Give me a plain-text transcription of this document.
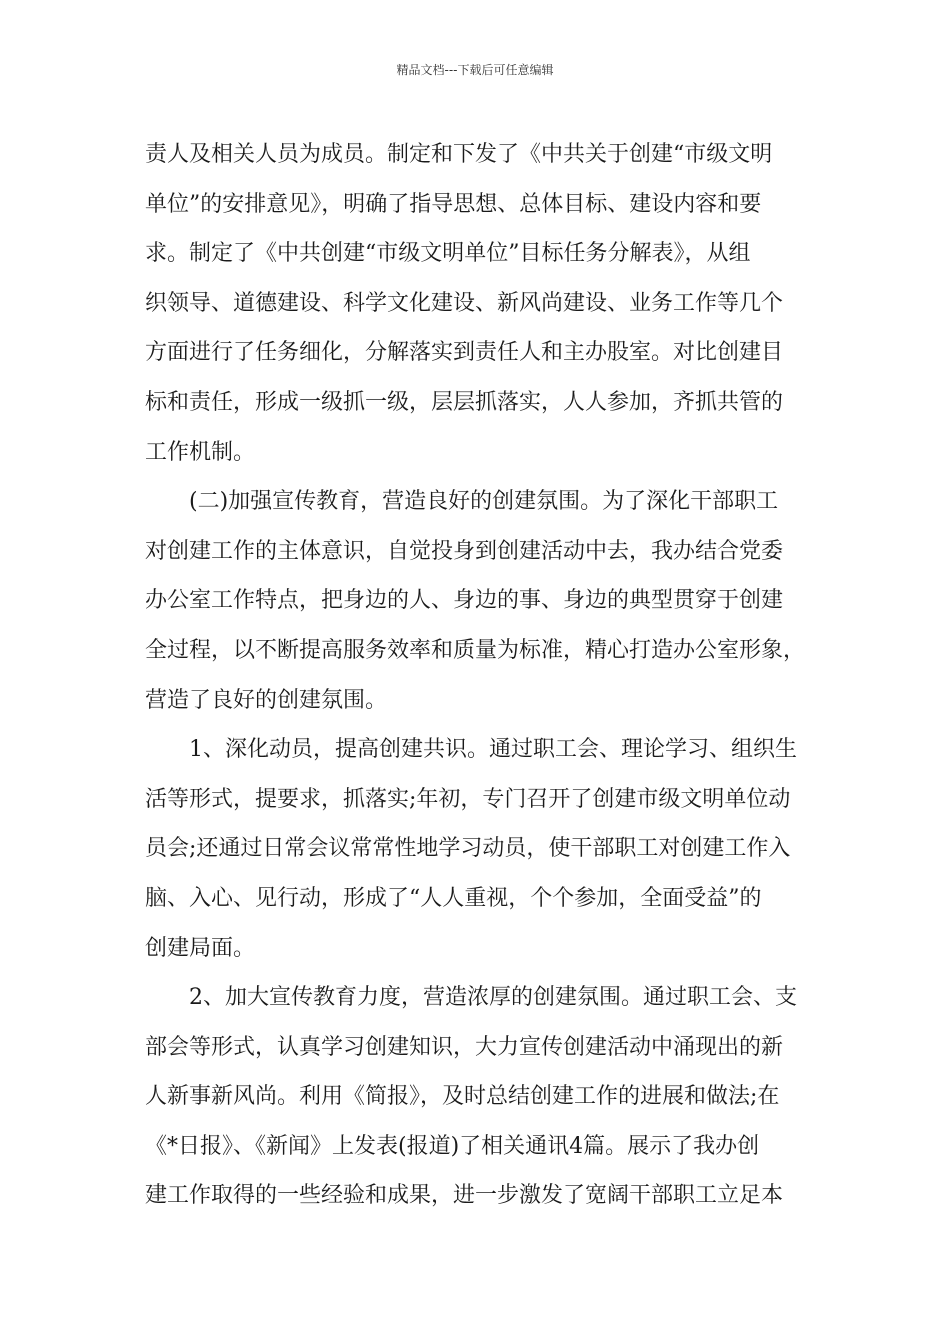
精品文档---下载后可任意编辑
责人及相关人员为成员。制定和下发了《中共关于创建“市级文明
单位”的安排意见》，明确了指导思想、总体目标、建设内容和要
求。制定了《中共创建“市级文明单位”目标任务分解表》，从组
织领导、道德建设、科学文化建设、新风尚建设、业务工作等几个
方面进行了任务细化，分解落实到责任人和主办股室。对比创建目
标和责任，形成一级抓一级，层层抓落实，人人参加，齐抓共管的
工作机制。
(二)加强宣传教育，营造良好的创建氛围。为了深化干部职工
对创建工作的主体意识，自觉投身到创建活动中去，我办结合党委
办公室工作特点，把身边的人、身边的事、身边的典型贯穿于创建
全过程，以不断提高服务效率和质量为标准，精心打造办公室形象，
营造了良好的创建氛围。
1、深化动员，提高创建共识。通过职工会、理论学习、组织生
活等形式，提要求，抓落实;年初，专门召开了创建市级文明单位动
员会;还通过日常会议常常性地学习动员，使干部职工对创建工作入
脑、入心、见行动，形成了“人人重视，个个参加，全面受益”的
创建局面。
2、加大宣传教育力度，营造浓厚的创建氛围。通过职工会、支
部会等形式，认真学习创建知识，大力宣传创建活动中涌现出的新
人新事新风尚。利用《简报》，及时总结创建工作的进展和做法;在
《*日报》、《新闻》上发表(报道)了相关通讯4篇。展示了我办创
建工作取得的一些经验和成果，进一步激发了宽阔干部职工立足本
